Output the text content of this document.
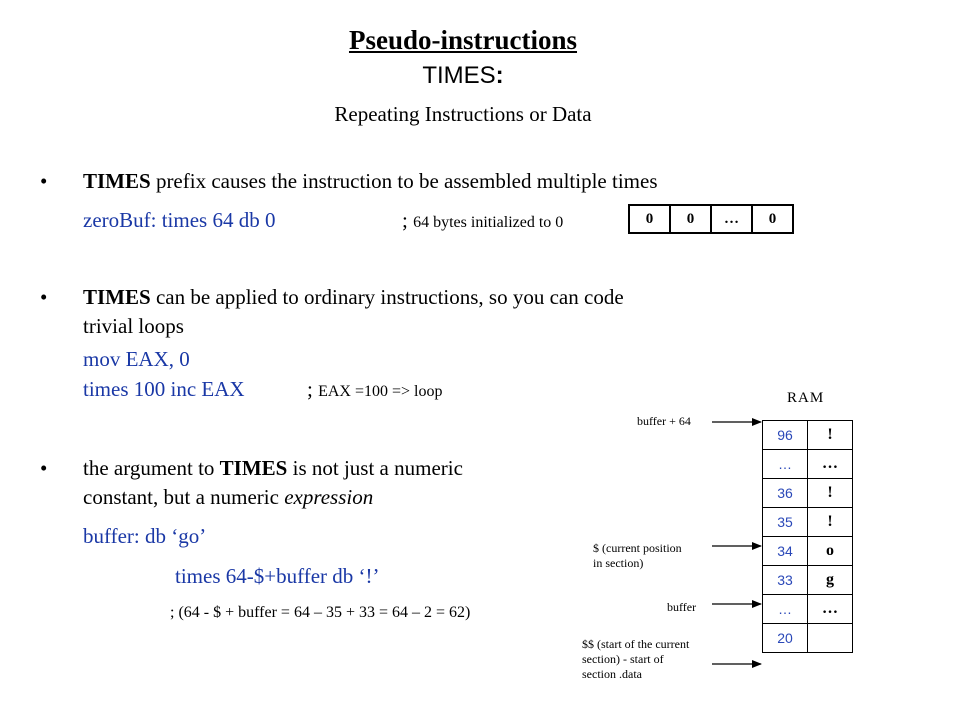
Pseudo-instructions
TIMES:
Repeating Instructions or Data
• TIMES prefix causes the instruction to be assembled multiple times
zeroBuf: times 64 db 0	; 64 bytes initialized to 0	0	0	…	0
• TIMES can be applied to ordinary instructions, so you can code
trivial loops
mov EAX, 0
times 100 inc EAX	; EAX =100 => loop
• the argument to TIMES is not just a numeric
constant, but a numeric expression
buffer: db ‘go’
times 64-$+buffer db ‘!’
; (64 - $ + buffer = 64 – 35 + 33 = 64 – 2 = 62)
RAM
96	!
…	…
36	!
35	!
34	o
33	g
…	…
20	
buffer + 64
$ (current position
in section)
buffer
$$ (start of the current
section) - start of
section .data
